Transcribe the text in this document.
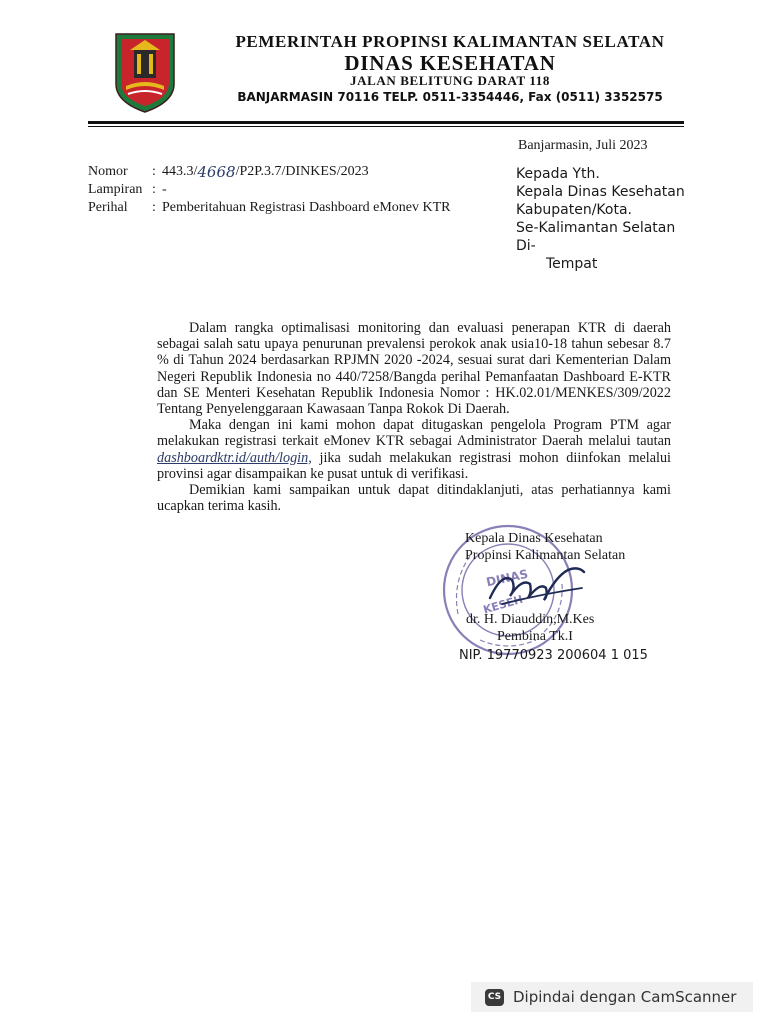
PEMERINTAH PROPINSI KALIMANTAN SELATAN
DINAS KESEHATAN
JALAN BELITUNG DARAT 118
BANJARMASIN 70116 TELP. 0511-3354446, Fax (0511) 3352575
Banjarmasin, Juli 2023
Nomor	: 443.3/ 4668 /P2P.3.7/DINKES/2023
Lampiran : -
Perihal	: Pemberitahuan Registrasi Dashboard eMonev KTR
Kepada Yth.
Kepala Dinas Kesehatan
Kabupaten/Kota.
Se-Kalimantan Selatan
Di-
Tempat

Dalam rangka optimalisasi monitoring dan evaluasi penerapan KTR di daerah sebagai salah satu upaya penurunan prevalensi perokok anak usia10-18 tahun sebesar 8.7 % di Tahun 2024 berdasarkan RPJMN 2020 -2024, sesuai surat dari Kementerian Dalam Negeri Republik Indonesia no 440/7258/Bangda perihal Pemanfaatan Dashboard E-KTR dan SE Menteri Kesehatan Republik Indonesia Nomor : HK.02.01/MENKES/309/2022 Tentang Penyelenggaraan Kawasaan Tanpa Rokok Di Daerah.

Maka dengan ini kami mohon dapat ditugaskan pengelola Program PTM agar melakukan registrasi terkait eMonev KTR sebagai Administrator Daerah melalui tautan dashboardktr.id/auth/login, jika sudah melakukan registrasi mohon diinfokan melalui provinsi agar disampaikan ke pusat untuk di verifikasi.

Demikian kami sampaikan untuk dapat ditindaklanjuti, atas perhatiannya kami ucapkan terima kasih.

DINAS
KESEH
Kepala Dinas Kesehatan
Propinsi Kalimantan Selatan
dr. H. Diauddin,M.Kes
Pembina Tk.I
NIP. 19770923 200604 1 015
CS Dipindai dengan CamScanner
